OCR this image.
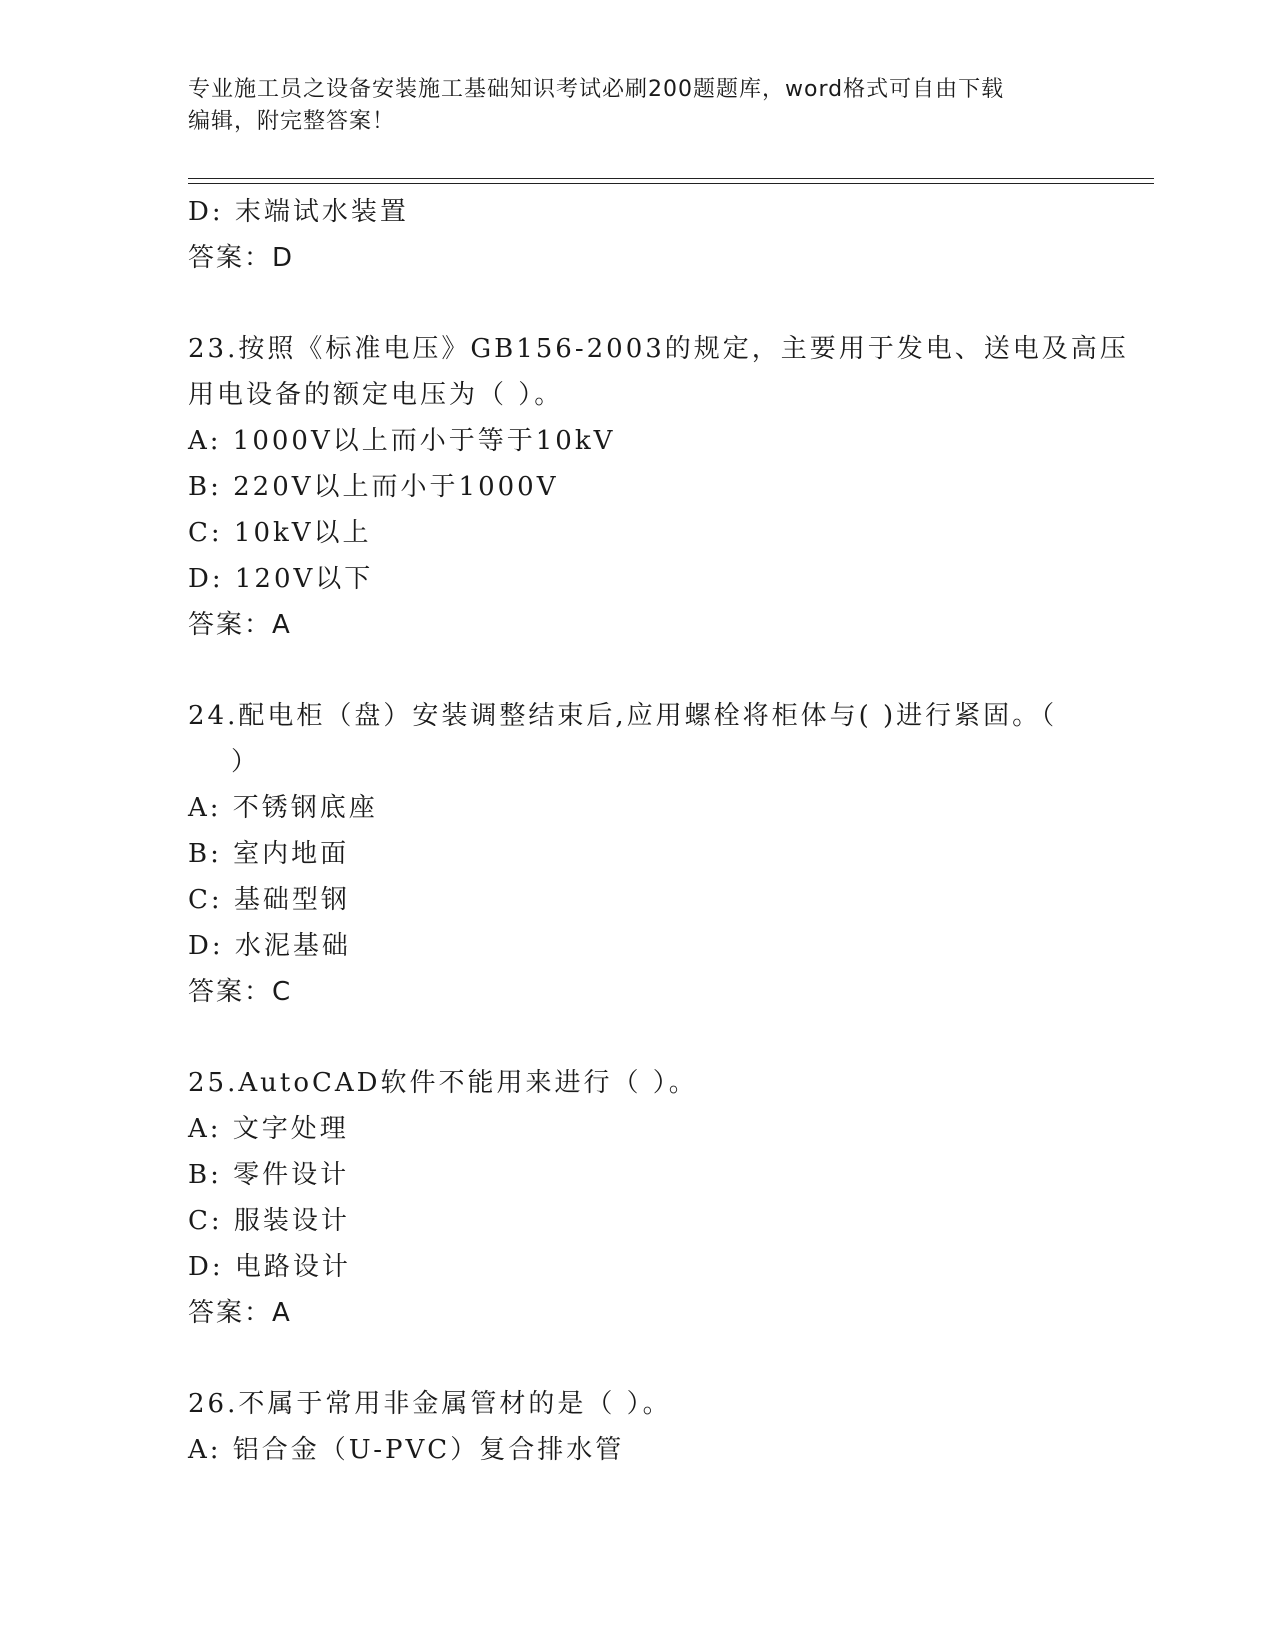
专业施工员之设备安装施工基础知识考试必刷200题题库，word格式可自由下载
编辑，附完整答案！
D: 末端试水装置
答案：D
23.按照《标准电压》GB156-2003的规定，主要用于发电、送电及高压
用电设备的额定电压为（ ）。
A: 1000V以上而小于等于10kV
B: 220V以上而小于1000V
C: 10kV以上
D: 120V以下
答案：A
24.配电柜（盘）安装调整结束后,应用螺栓将柜体与( )进行紧固。（
）
A: 不锈钢底座
B: 室内地面
C: 基础型钢
D: 水泥基础
答案：C
25.AutoCAD软件不能用来进行（ ）。
A: 文字处理
B: 零件设计
C: 服装设计
D: 电路设计
答案：A
26.不属于常用非金属管材的是（ ）。
A: 铝合金（U-PVC）复合排水管
